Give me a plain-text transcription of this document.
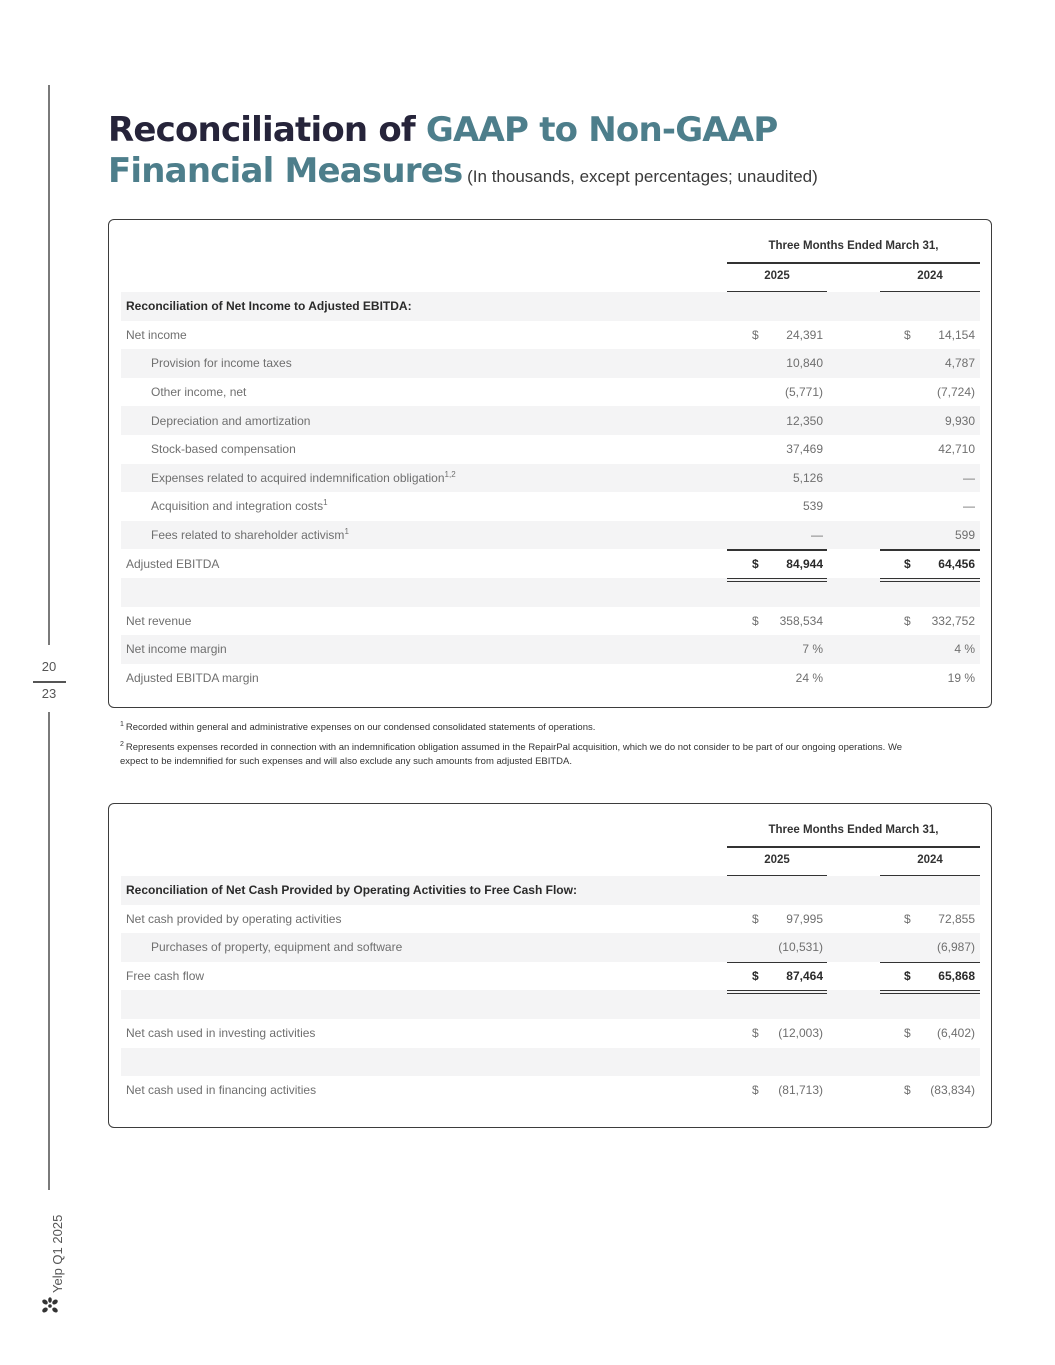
20
23
Yelp Q1 2025
Reconciliation of GAAP to Non-GAAP
Financial Measures (In thousands, except percentages; unaudited)
Three Months Ended March 31,
2025	2024
Reconciliation of Net Income to Adjusted EBITDA:
Net income	$ 24,391	$ 14,154
Provision for income taxes	10,840	4,787
Other income, net	(5,771)	(7,724)
Depreciation and amortization	12,350	9,930
Stock-based compensation	37,469	42,710
Expenses related to acquired indemnification obligation$^{1,2}$	5,126	—
Acquisition and integration costs$^1$	539	—
Fees related to shareholder activism$^1$	—	599
Adjusted EBITDA	$ 84,944	$ 64,456
Net revenue	$ 358,534	$ 332,752
Net income margin	7 %	4 %
Adjusted EBITDA margin	24 %	19 %

$^1$ Recorded within general and administrative expenses on our condensed consolidated statements of operations.

$^2$ Represents expenses recorded in connection with an indemnification obligation assumed in the RepairPal acquisition, which we do not consider to be part of our ongoing operations. We expect to be indemnified for such expenses and will also exclude any such amounts from adjusted EBITDA.

Three Months Ended March 31,
2025	2024
Reconciliation of Net Cash Provided by Operating Activities to Free Cash Flow:
Net cash provided by operating activities	$ 97,995	$ 72,855
Purchases of property, equipment and software	(10,531)	(6,987)
Free cash flow	$ 87,464	$ 65,868
Net cash used in investing activities	$ (12,003)	$ (6,402)
Net cash used in financing activities	$ (81,713)	$ (83,834)
